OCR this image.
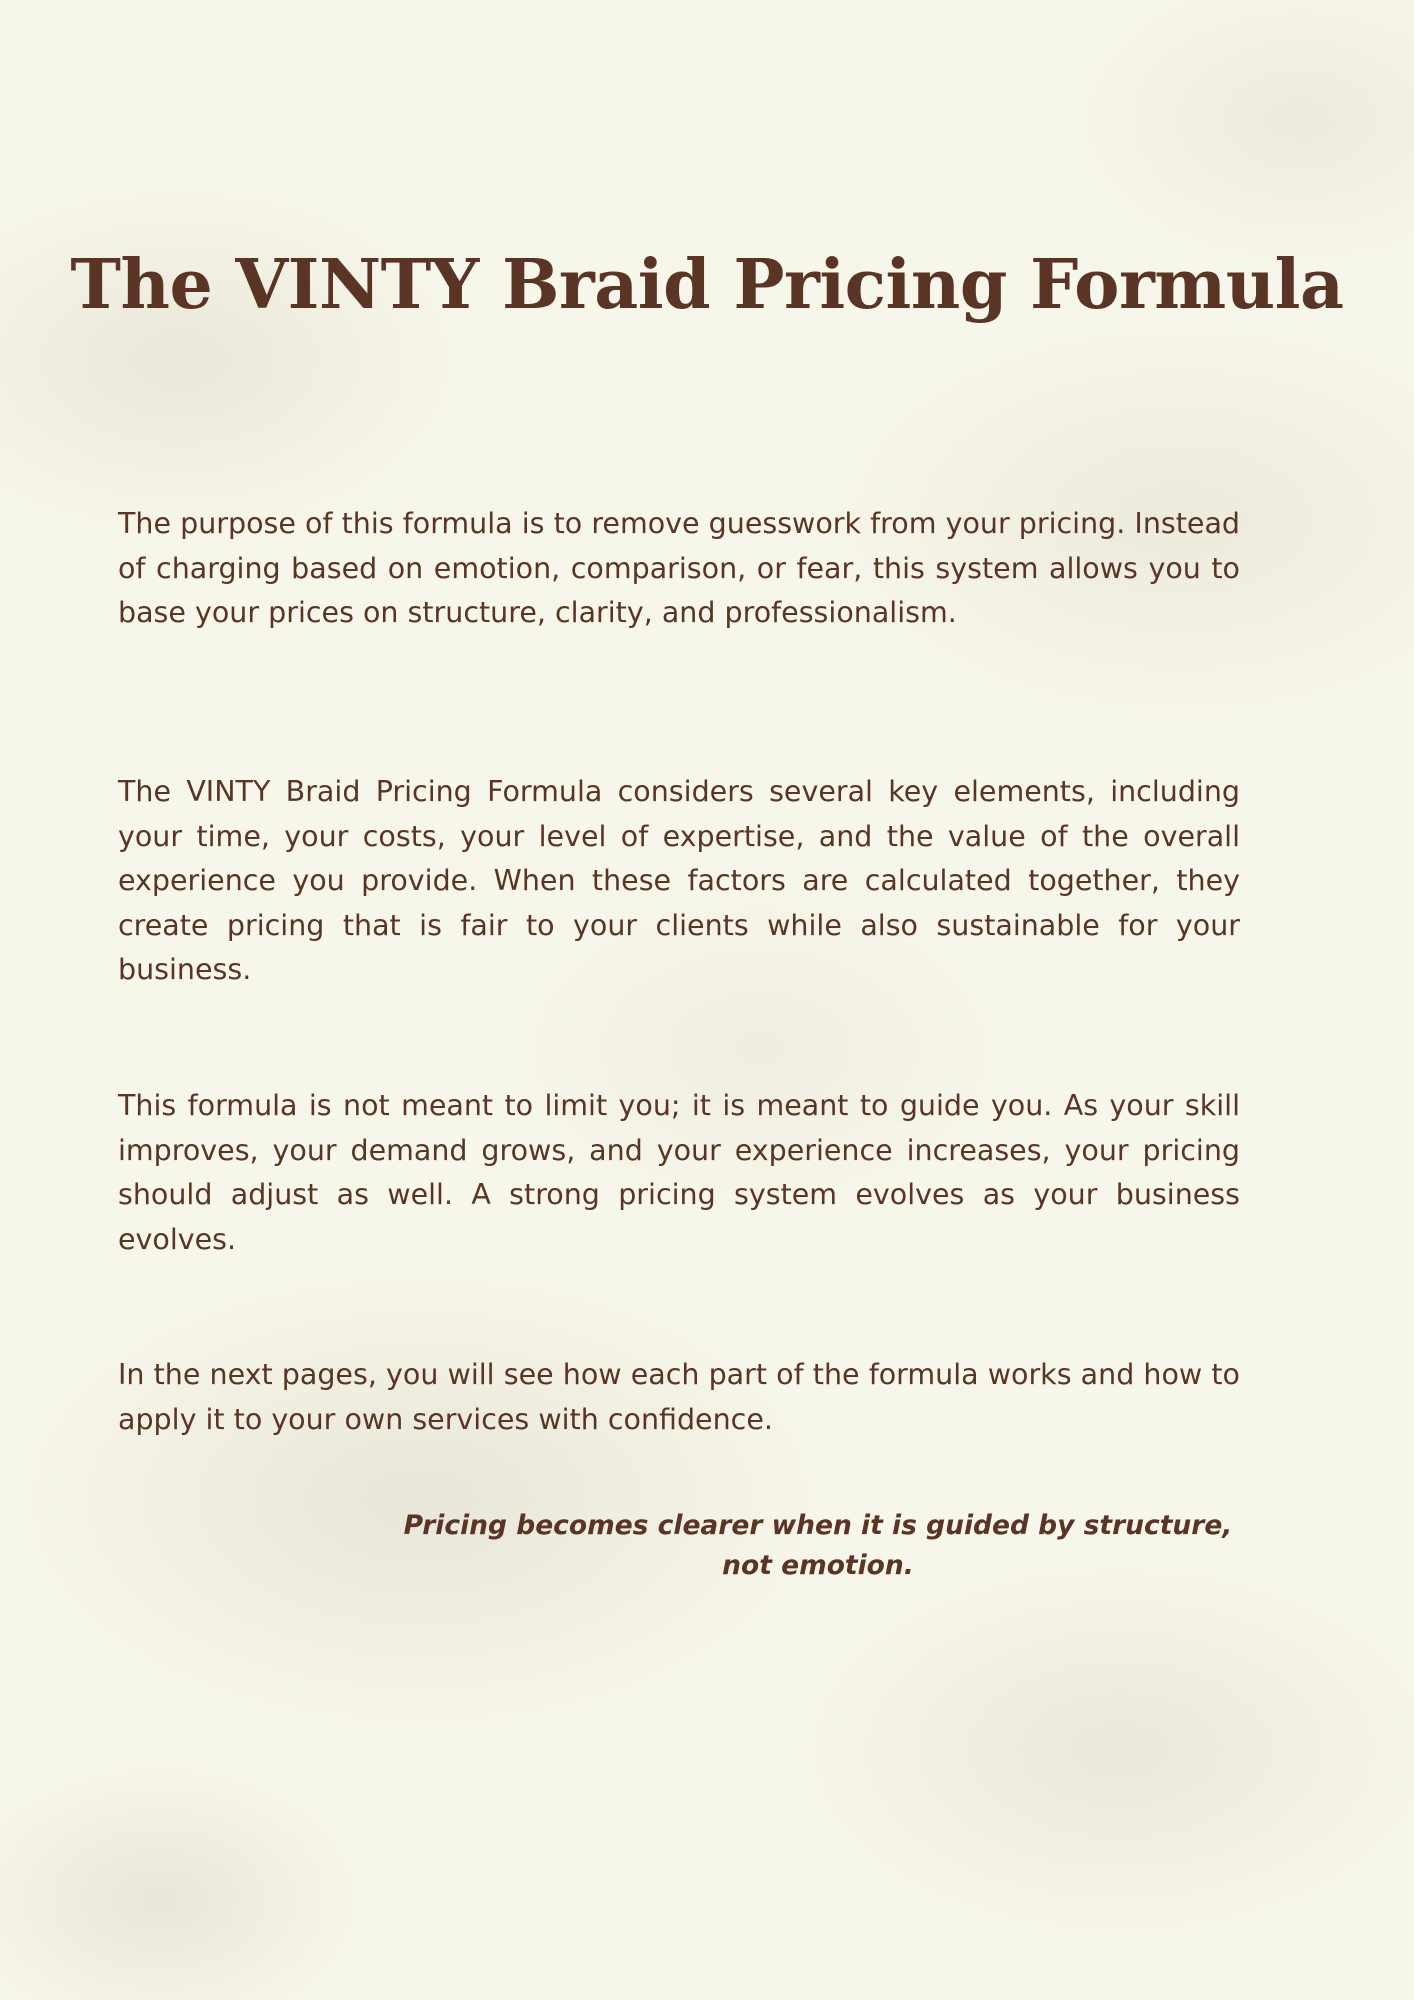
The VINTY Braid Pricing Formula

The purpose of this formula is to remove guesswork from your pricing. Instead of charging based on emotion, comparison, or fear, this system allows you to base your prices on structure, clarity, and professionalism.

The VINTY Braid Pricing Formula considers several key elements, including your time, your costs, your level of expertise, and the value of the overall experience you provide. When these factors are calculated together, they create pricing that is fair to your clients while also sustainable for your business.

This formula is not meant to limit you; it is meant to guide you. As your skill improves, your demand grows, and your experience increases, your pricing should adjust as well. A strong pricing system evolves as your business evolves.

In the next pages, you will see how each part of the formula works and how to apply it to your own services with confidence.

Pricing becomes clearer when it is guided by structure,
not emotion.
